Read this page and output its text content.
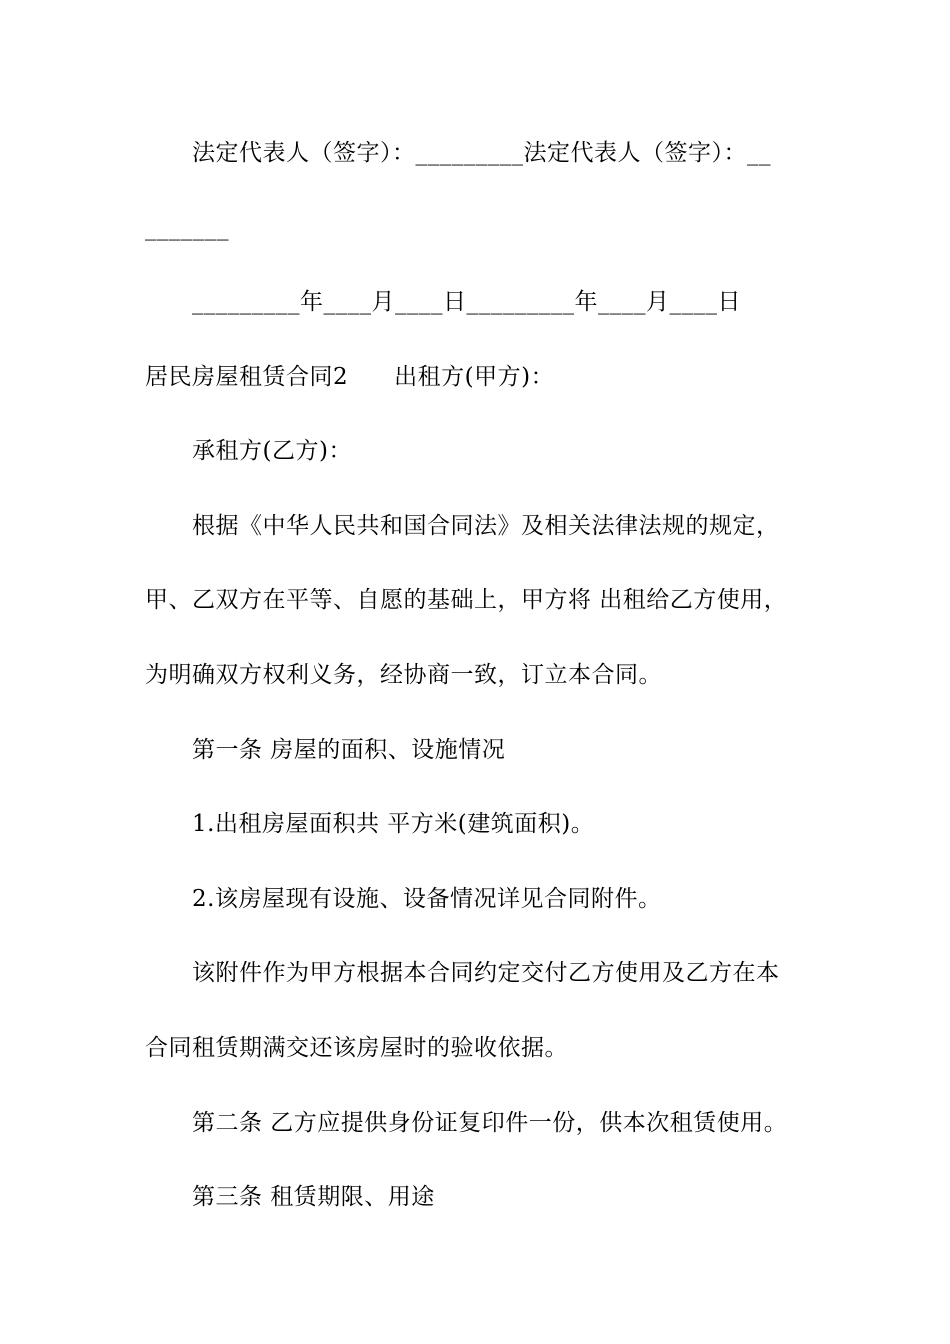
法定代表人（签字）：_________法定代表人（签字）：__
_______
_________年____月____日_________年____月____日
居民房屋租赁合同2 出租方(甲方)：
承租方(乙方)：
根据《中华人民共和国合同法》及相关法律法规的规定，
甲、乙双方在平等、自愿的基础上，甲方将 出租给乙方使用，
为明确双方权利义务，经协商一致，订立本合同。
第一条 房屋的面积、设施情况
1.出租房屋面积共 平方米(建筑面积)。
2.该房屋现有设施、设备情况详见合同附件。
该附件作为甲方根据本合同约定交付乙方使用及乙方在本
合同租赁期满交还该房屋时的验收依据。
第二条 乙方应提供身份证复印件一份，供本次租赁使用。
第三条 租赁期限、用途
